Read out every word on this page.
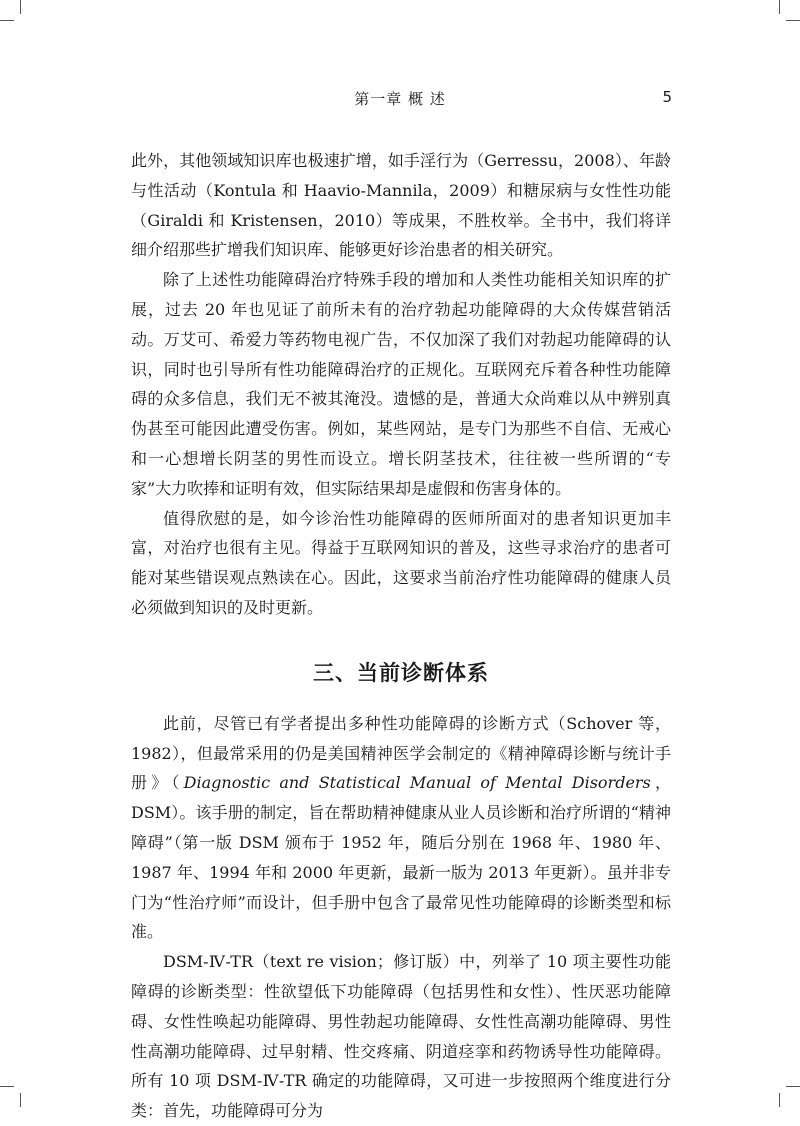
第一章 概 述	5

此外，其他领域知识库也极速扩增，如手淫行为（Gerressu，2008）、年龄与性活动（Kontula 和 Haavio-Mannila，2009）和糖尿病与女性性功能（Giraldi 和 Kristensen，2010）等成果，不胜枚举。全书中，我们将详细介绍那些扩增我们知识库、能够更好诊治患者的相关研究。

除了上述性功能障碍治疗特殊手段的增加和人类性功能相关知识库的扩展，过去 20 年也见证了前所未有的治疗勃起功能障碍的大众传媒营销活动。万艾可、希爱力等药物电视广告，不仅加深了我们对勃起功能障碍的认识，同时也引导所有性功能障碍治疗的正规化。互联网充斥着各种性功能障碍的众多信息，我们无不被其淹没。遗憾的是，普通大众尚难以从中辨别真伪甚至可能因此遭受伤害。例如，某些网站，是专门为那些不自信、无戒心和一心想增长阴茎的男性而设立。增长阴茎技术，往往被一些所谓的“专家”大力吹捧和证明有效，但实际结果却是虚假和伤害身体的。

值得欣慰的是，如今诊治性功能障碍的医师所面对的患者知识更加丰富，对治疗也很有主见。得益于互联网知识的普及，这些寻求治疗的患者可能对某些错误观点熟读在心。因此，这要求当前治疗性功能障碍的健康人员必须做到知识的及时更新。

三、当前诊断体系

此前，尽管已有学者提出多种性功能障碍的诊断方式（Schover 等，1982），但最常采用的仍是美国精神医学会制定的《精神障碍诊断与统计手册》（Diagnostic and Statistical Manual of Mental Disorders，DSM）。该手册的制定，旨在帮助精神健康从业人员诊断和治疗所谓的“精神障碍”（第一版 DSM 颁布于 1952 年，随后分别在 1968 年、1980 年、1987 年、1994 年和 2000 年更新，最新一版为 2013 年更新）。虽并非专门为“性治疗师”而设计，但手册中包含了最常见性功能障碍的诊断类型和标准。

DSM-Ⅳ-TR（text re vision；修订版）中，列举了 10 项主要性功能障碍的诊断类型：性欲望低下功能障碍（包括男性和女性）、性厌恶功能障碍、女性性唤起功能障碍、男性勃起功能障碍、女性性高潮功能障碍、男性性高潮功能障碍、过早射精、性交疼痛、阴道痉挛和药物诱导性功能障碍。所有 10 项 DSM-Ⅳ-TR 确定的功能障碍，又可进一步按照两个维度进行分类：首先，功能障碍可分为
